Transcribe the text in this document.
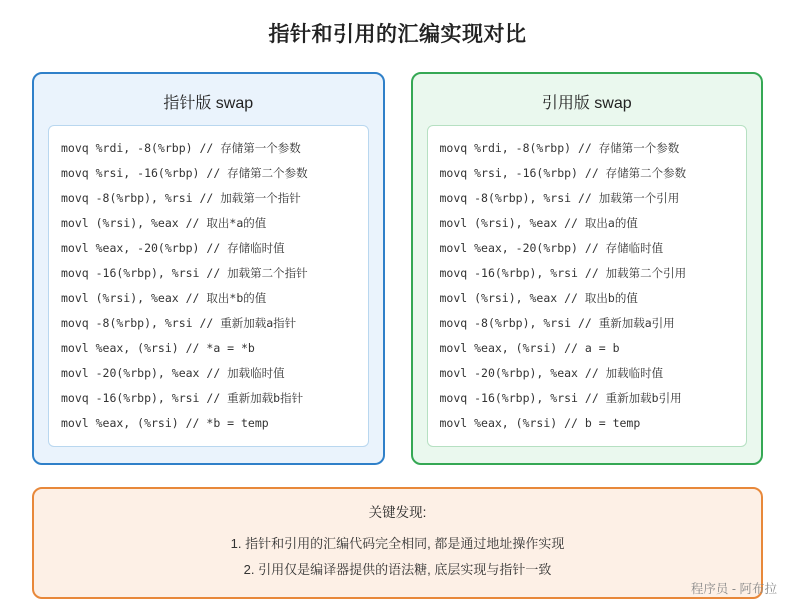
指针和引用的汇编实现对比
指针版 swap
movq %rdi, -8(%rbp) // 存储第一个参数
movq %rsi, -16(%rbp) // 存储第二个参数
movq -8(%rbp), %rsi // 加载第一个指针
movl (%rsi), %eax // 取出*a的值
movl %eax, -20(%rbp) // 存储临时值
movq -16(%rbp), %rsi // 加载第二个指针
movl (%rsi), %eax // 取出*b的值
movq -8(%rbp), %rsi // 重新加载a指针
movl %eax, (%rsi) // *a = *b
movl -20(%rbp), %eax // 加载临时值
movq -16(%rbp), %rsi // 重新加载b指针
movl %eax, (%rsi) // *b = temp
引用版 swap
movq %rdi, -8(%rbp) // 存储第一个参数
movq %rsi, -16(%rbp) // 存储第二个参数
movq -8(%rbp), %rsi // 加载第一个引用
movl (%rsi), %eax // 取出a的值
movl %eax, -20(%rbp) // 存储临时值
movq -16(%rbp), %rsi // 加载第二个引用
movl (%rsi), %eax // 取出b的值
movq -8(%rbp), %rsi // 重新加载a引用
movl %eax, (%rsi) // a = b
movl -20(%rbp), %eax // 加载临时值
movq -16(%rbp), %rsi // 重新加载b引用
movl %eax, (%rsi) // b = temp
关键发现:
1. 指针和引用的汇编代码完全相同, 都是通过地址操作实现
2. 引用仅是编译器提供的语法糖, 底层实现与指针一致
程序员 - 阿布拉
